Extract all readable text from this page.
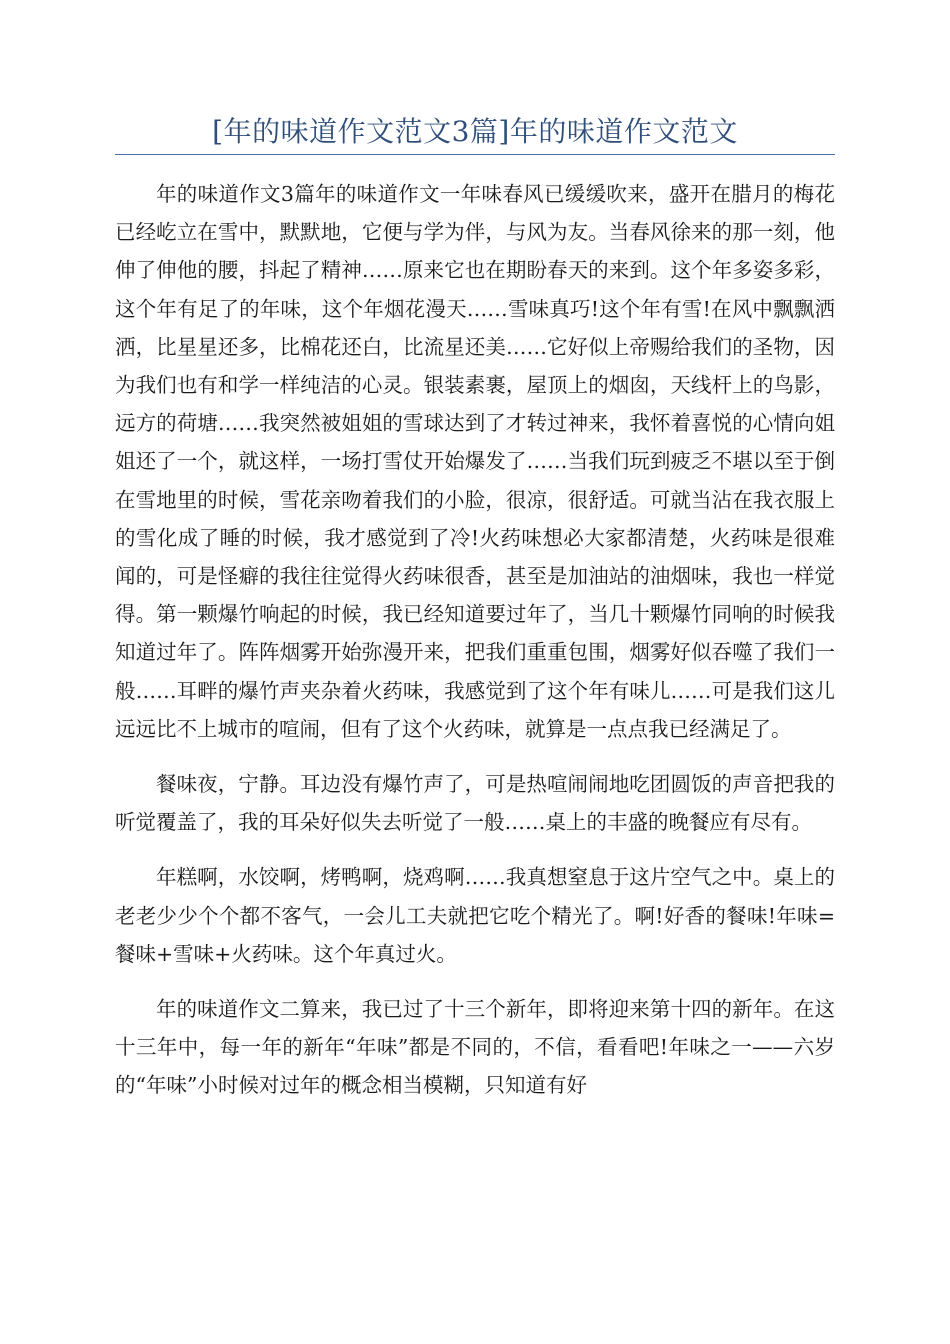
[年的味道作文范文3篇]年的味道作文范文

年的味道作文3篇年的味道作文一年味春风已缓缓吹来，盛开在腊月的梅花已经屹立在雪中，默默地，它便与学为伴，与风为友。当春风徐来的那一刻，他伸了伸他的腰，抖起了精神……原来它也在期盼春天的来到。这个年多姿多彩，这个年有足了的年味，这个年烟花漫天……雪味真巧!这个年有雪!在风中飘飘洒洒，比星星还多，比棉花还白，比流星还美……它好似上帝赐给我们的圣物，因为我们也有和学一样纯洁的心灵。银装素裹，屋顶上的烟囱，天线杆上的鸟影，远方的荷塘……我突然被姐姐的雪球达到了才转过神来，我怀着喜悦的心情向姐姐还了一个，就这样，一场打雪仗开始爆发了……当我们玩到疲乏不堪以至于倒在雪地里的时候，雪花亲吻着我们的小脸，很凉，很舒适。可就当沾在我衣服上的雪化成了睡的时候，我才感觉到了冷!火药味想必大家都清楚，火药味是很难闻的，可是怪癖的我往往觉得火药味很香，甚至是加油站的油烟味，我也一样觉得。第一颗爆竹响起的时候，我已经知道要过年了，当几十颗爆竹同响的时候我知道过年了。阵阵烟雾开始弥漫开来，把我们重重包围，烟雾好似吞噬了我们一般……耳畔的爆竹声夹杂着火药味，我感觉到了这个年有味儿……可是我们这儿远远比不上城市的喧闹，但有了这个火药味，就算是一点点我已经满足了。

餐味夜，宁静。耳边没有爆竹声了，可是热喧闹闹地吃团圆饭的声音把我的听觉覆盖了，我的耳朵好似失去听觉了一般……桌上的丰盛的晚餐应有尽有。

年糕啊，水饺啊，烤鸭啊，烧鸡啊……我真想窒息于这片空气之中。桌上的老老少少个个都不客气，一会儿工夫就把它吃个精光了。啊!好香的餐味!年味=餐味+雪味+火药味。这个年真过火。

年的味道作文二算来，我已过了十三个新年，即将迎来第十四的新年。在这十三年中，每一年的新年“年味”都是不同的，不信，看看吧!年味之一——六岁的“年味”小时候对过年的概念相当模糊，只知道有好
